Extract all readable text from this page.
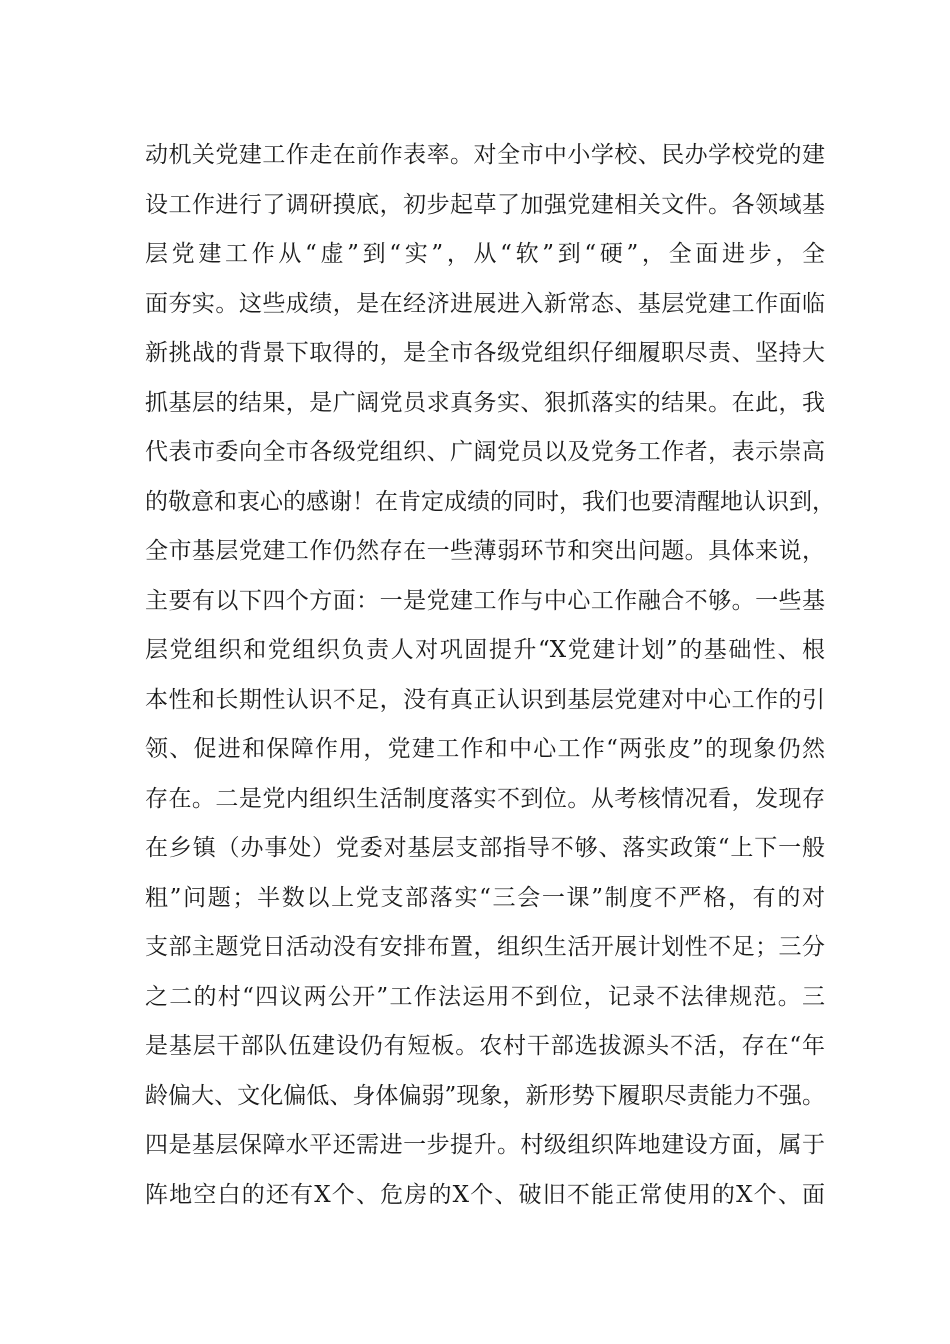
动机关党建工作走在前作表率。对全市中小学校、民办学校党的建
设工作进行了调研摸底，初步起草了加强党建相关文件。各领域基
层党建工作从“虚”到“实”，从“软”到“硬”，全面进步，全
面夯实。这些成绩，是在经济进展进入新常态、基层党建工作面临
新挑战的背景下取得的，是全市各级党组织仔细履职尽责、坚持大
抓基层的结果，是广阔党员求真务实、狠抓落实的结果。在此，我
代表市委向全市各级党组织、广阔党员以及党务工作者，表示崇高
的敬意和衷心的感谢！在肯定成绩的同时，我们也要清醒地认识到，
全市基层党建工作仍然存在一些薄弱环节和突出问题。具体来说，
主要有以下四个方面：一是党建工作与中心工作融合不够。一些基
层党组织和党组织负责人对巩固提升“X党建计划”的基础性、根
本性和长期性认识不足，没有真正认识到基层党建对中心工作的引
领、促进和保障作用，党建工作和中心工作“两张皮”的现象仍然
存在。二是党内组织生活制度落实不到位。从考核情况看，发现存
在乡镇（办事处）党委对基层支部指导不够、落实政策“上下一般
粗”问题；半数以上党支部落实“三会一课”制度不严格，有的对
支部主题党日活动没有安排布置，组织生活开展计划性不足；三分
之二的村“四议两公开”工作法运用不到位，记录不法律规范。三
是基层干部队伍建设仍有短板。农村干部选拔源头不活，存在“年
龄偏大、文化偏低、身体偏弱”现象，新形势下履职尽责能力不强。
四是基层保障水平还需进一步提升。村级组织阵地建设方面，属于
阵地空白的还有X个、危房的X个、破旧不能正常使用的X个、面
